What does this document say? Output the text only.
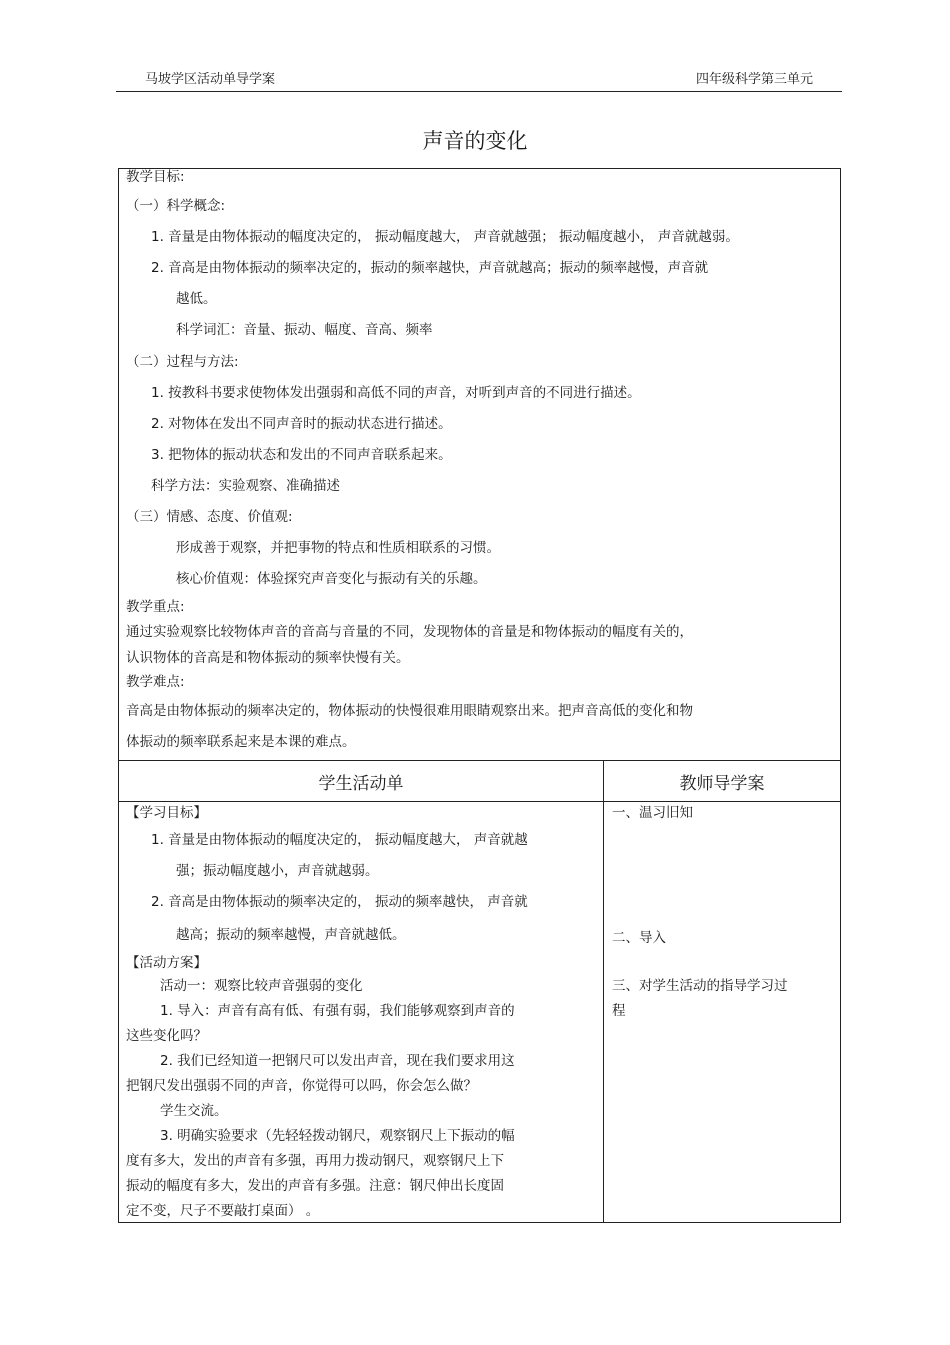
马坡学区活动单导学案	四年级科学第三单元
声音的变化
教学目标:
（一）科学概念:
1. 音量是由物体振动的幅度决定的， 振动幅度越大， 声音就越强； 振动幅度越小， 声音就越弱。
2. 音高是由物体振动的频率决定的，振动的频率越快，声音就越高；振动的频率越慢，声音就
越低。
科学词汇：音量、振动、幅度、音高、频率
（二）过程与方法:
1. 按教科书要求使物体发出强弱和高低不同的声音，对听到声音的不同进行描述。
2. 对物体在发出不同声音时的振动状态进行描述。
3. 把物体的振动状态和发出的不同声音联系起来。
科学方法：实验观察、准确描述
（三）情感、态度、价值观:
形成善于观察，并把事物的特点和性质相联系的习惯。
核心价值观：体验探究声音变化与振动有关的乐趣。
教学重点:
通过实验观察比较物体声音的音高与音量的不同，发现物体的音量是和物体振动的幅度有关的，
认识物体的音高是和物体振动的频率快慢有关。
教学难点:
音高是由物体振动的频率决定的，物体振动的快慢很难用眼睛观察出来。把声音高低的变化和物
体振动的频率联系起来是本课的难点。
学生活动单	教师导学案
【学习目标】
1. 音量是由物体振动的幅度决定的， 振动幅度越大， 声音就越
强；振动幅度越小，声音就越弱。
2. 音高是由物体振动的频率决定的， 振动的频率越快， 声音就
越高；振动的频率越慢，声音就越低。
【活动方案】
活动一：观察比较声音强弱的变化
1. 导入：声音有高有低、有强有弱，我们能够观察到声音的
这些变化吗？
2. 我们已经知道一把钢尺可以发出声音，现在我们要求用这
把钢尺发出强弱不同的声音，你觉得可以吗，你会怎么做？
学生交流。
3. 明确实验要求（先轻轻拨动钢尺，观察钢尺上下振动的幅
度有多大，发出的声音有多强，再用力拨动钢尺，观察钢尺上下
振动的幅度有多大，发出的声音有多强。注意：钢尺伸出长度固
定不变，尺子不要敲打桌面） 。
一、温习旧知
二、导入
三、对学生活动的指导学习过
程
